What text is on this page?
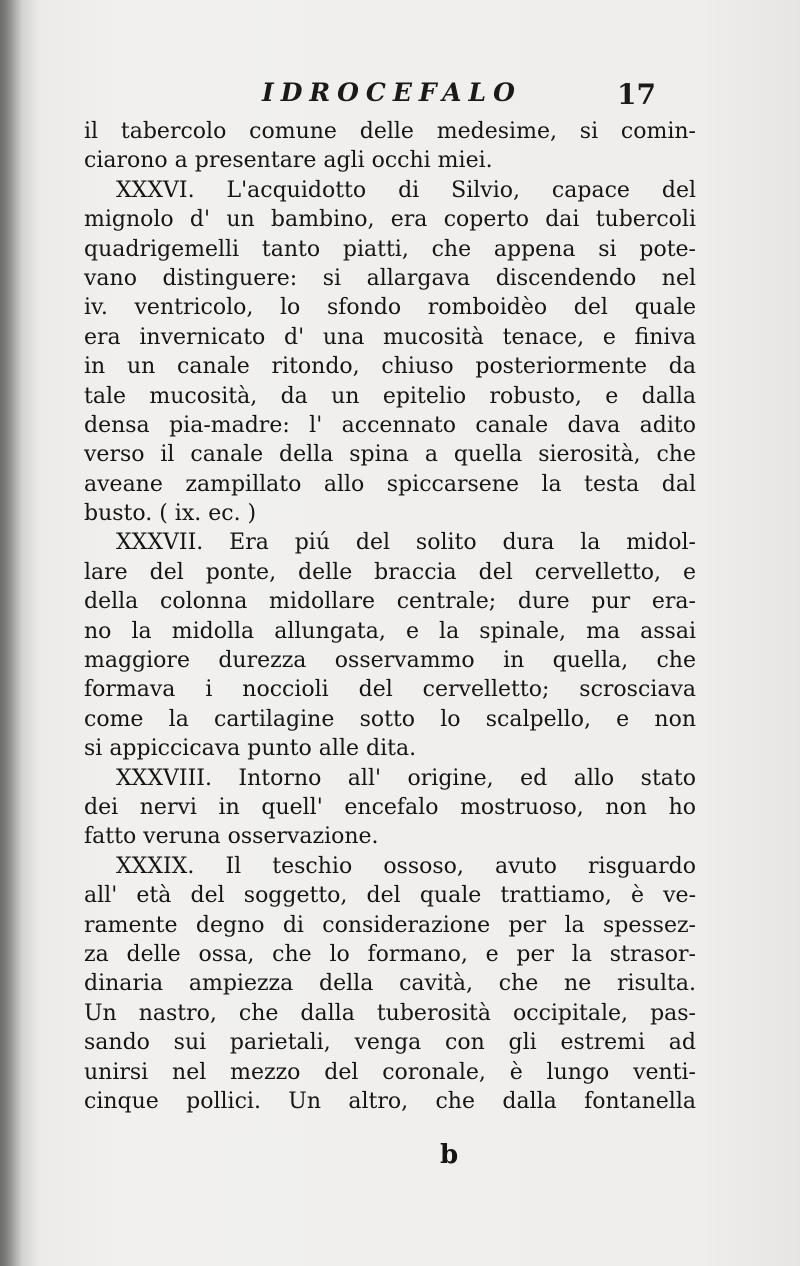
IDROCEFALO	17
il tabercolo comune delle medesime, si comin-
ciarono a presentare agli occhi miei.
XXXVI. L'acquidotto di Silvio, capace del
mignolo d' un bambino, era coperto dai tubercoli
quadrigemelli tanto piatti, che appena si pote-
vano distinguere: si allargava discendendo nel
iv. ventricolo, lo sfondo romboidèo del quale
era invernicato d' una mucosità tenace, e finiva
in un canale ritondo, chiuso posteriormente da
tale mucosità, da un epitelio robusto, e dalla
densa pia-madre: l' accennato canale dava adito
verso il canale della spina a quella sierosità, che
aveane zampillato allo spiccarsene la testa dal
busto. ( ix. ec. )
XXXVII. Era piú del solito dura la midol-
lare del ponte, delle braccia del cervelletto, e
della colonna midollare centrale; dure pur era-
no la midolla allungata, e la spinale, ma assai
maggiore durezza osservammo in quella, che
formava i noccioli del cervelletto; scrosciava
come la cartilagine sotto lo scalpello, e non
si appiccicava punto alle dita.
XXXVIII. Intorno all' origine, ed allo stato
dei nervi in quell' encefalo mostruoso, non ho
fatto veruna osservazione.
XXXIX. Il teschio ossoso, avuto risguardo
all' età del soggetto, del quale trattiamo, è ve-
ramente degno di considerazione per la spessez-
za delle ossa, che lo formano, e per la strasor-
dinaria ampiezza della cavità, che ne risulta.
Un nastro, che dalla tuberosità occipitale, pas-
sando sui parietali, venga con gli estremi ad
unirsi nel mezzo del coronale, è lungo venti-
cinque pollici. Un altro, che dalla fontanella
b
